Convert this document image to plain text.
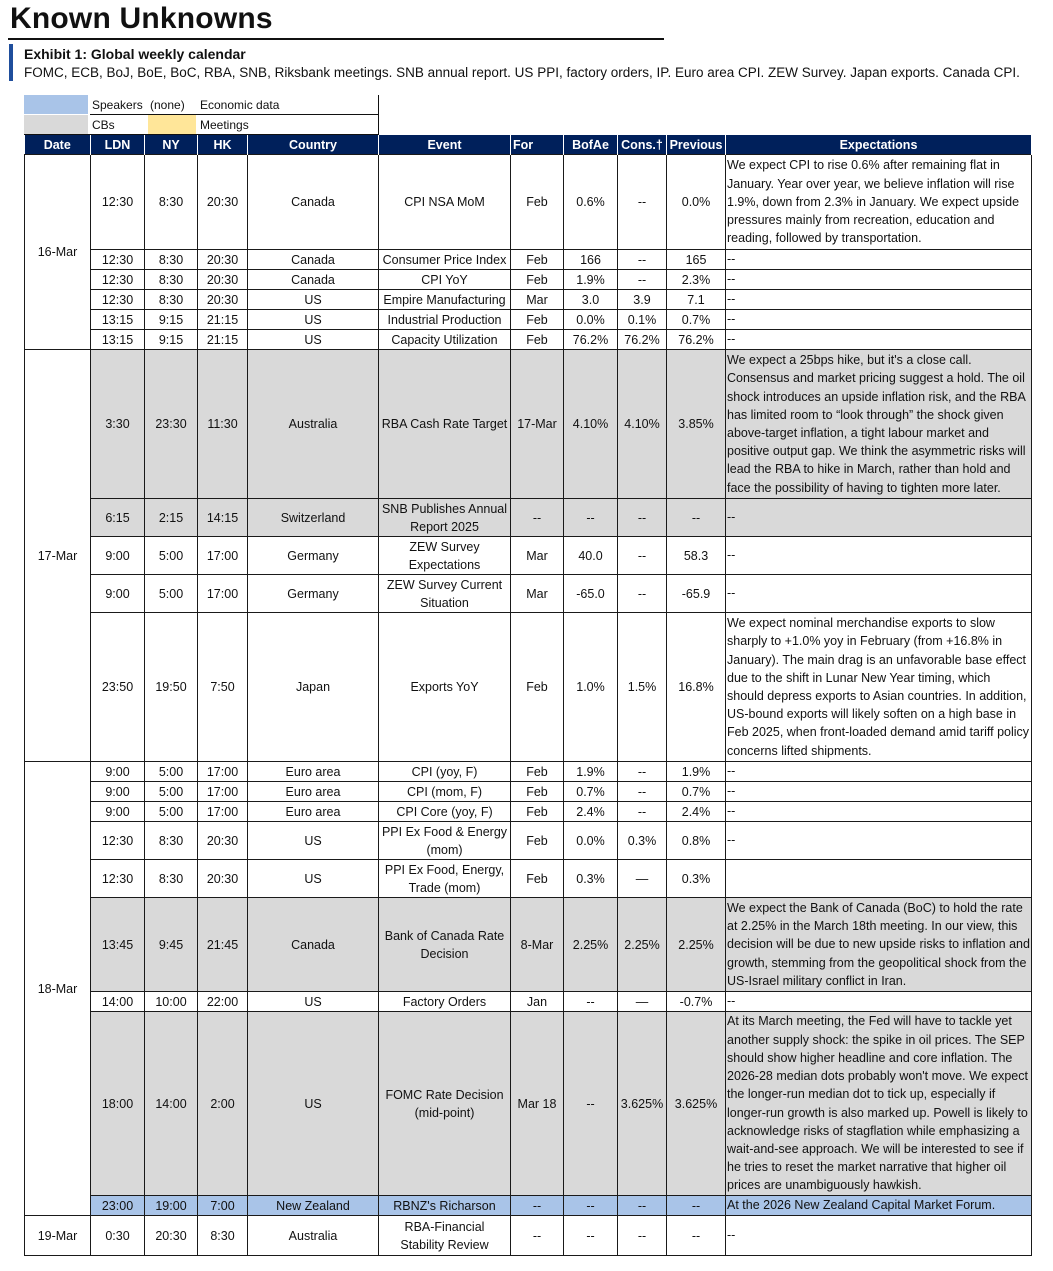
Known Unknowns
Exhibit 1: Global weekly calendar
FOMC, ECB, BoJ, BoE, BoC, RBA, SNB, Riksbank meetings. SNB annual report. US PPI, factory orders, IP. Euro area CPI. ZEW Survey. Japan exports. Canada CPI.
Speakers (none) Economic data
CBs	Meetings
Date	LDN	NY	HK	Country	Event	For	BofAe	Cons.†	Previous	Expectations
16-Mar	12:30	8:30	20:30	Canada	CPI NSA MoM	Feb	0.6%	--	0.0%	We expect CPI to rise 0.6% after remaining flat in January. Year over year, we believe inflation will rise 1.9%, down from 2.3% in January. We expect upside pressures mainly from recreation, education and reading, followed by transportation.
	12:30	8:30	20:30	Canada	Consumer Price Index	Feb	166	--	165	--
	12:30	8:30	20:30	Canada	CPI YoY	Feb	1.9%	--	2.3%	--
	12:30	8:30	20:30	US	Empire Manufacturing	Mar	3.0	3.9	7.1	--
	13:15	9:15	21:15	US	Industrial Production	Feb	0.0%	0.1%	0.7%	--
	13:15	9:15	21:15	US	Capacity Utilization	Feb	76.2%	76.2%	76.2%	--
17-Mar	3:30	23:30	11:30	Australia	RBA Cash Rate Target	17-Mar	4.10%	4.10%	3.85%	We expect a 25bps hike, but it's a close call. Consensus and market pricing suggest a hold. The oil shock introduces an upside inflation risk, and the RBA has limited room to “look through” the shock given above-target inflation, a tight labour market and positive output gap. We think the asymmetric risks will lead the RBA to hike in March, rather than hold and face the possibility of having to tighten more later.
	6:15	2:15	14:15	Switzerland	SNB Publishes Annual Report 2025	--	--	--	--	--
	9:00	5:00	17:00	Germany	ZEW Survey Expectations	Mar	40.0	--	58.3	--
	9:00	5:00	17:00	Germany	ZEW Survey Current Situation	Mar	-65.0	--	-65.9	--
	23:50	19:50	7:50	Japan	Exports YoY	Feb	1.0%	1.5%	16.8%	We expect nominal merchandise exports to slow sharply to +1.0% yoy in February (from +16.8% in January). The main drag is an unfavorable base effect due to the shift in Lunar New Year timing, which should depress exports to Asian countries. In addition, US-bound exports will likely soften on a high base in Feb 2025, when front-loaded demand amid tariff policy concerns lifted shipments.
18-Mar	9:00	5:00	17:00	Euro area	CPI (yoy, F)	Feb	1.9%	--	1.9%	--
	9:00	5:00	17:00	Euro area	CPI (mom, F)	Feb	0.7%	--	0.7%	--
	9:00	5:00	17:00	Euro area	CPI Core (yoy, F)	Feb	2.4%	--	2.4%	--
	12:30	8:30	20:30	US	PPI Ex Food & Energy (mom)	Feb	0.0%	0.3%	0.8%	--
	12:30	8:30	20:30	US	PPI Ex Food, Energy, Trade (mom)	Feb	0.3%	—	0.3%	
	13:45	9:45	21:45	Canada	Bank of Canada Rate Decision	8-Mar	2.25%	2.25%	2.25%	We expect the Bank of Canada (BoC) to hold the rate at 2.25% in the March 18th meeting. In our view, this decision will be due to new upside risks to inflation and growth, stemming from the geopolitical shock from the US-Israel military conflict in Iran.
	14:00	10:00	22:00	US	Factory Orders	Jan	--	—	-0.7%	--
	18:00	14:00	2:00	US	FOMC Rate Decision (mid-point)	Mar 18	--	3.625%	3.625%	At its March meeting, the Fed will have to tackle yet another supply shock: the spike in oil prices. The SEP should show higher headline and core inflation. The 2026-28 median dots probably won't move. We expect the longer-run median dot to tick up, especially if longer-run growth is also marked up. Powell is likely to acknowledge risks of stagflation while emphasizing a wait-and-see approach. We will be interested to see if he tries to reset the market narrative that higher oil prices are unambiguously hawkish.
	23:00	19:00	7:00	New Zealand	RBNZ's Richarson	--	--	--	--	At the 2026 New Zealand Capital Market Forum.
19-Mar	0:30	20:30	8:30	Australia	RBA-Financial Stability Review	--	--	--	--	--
